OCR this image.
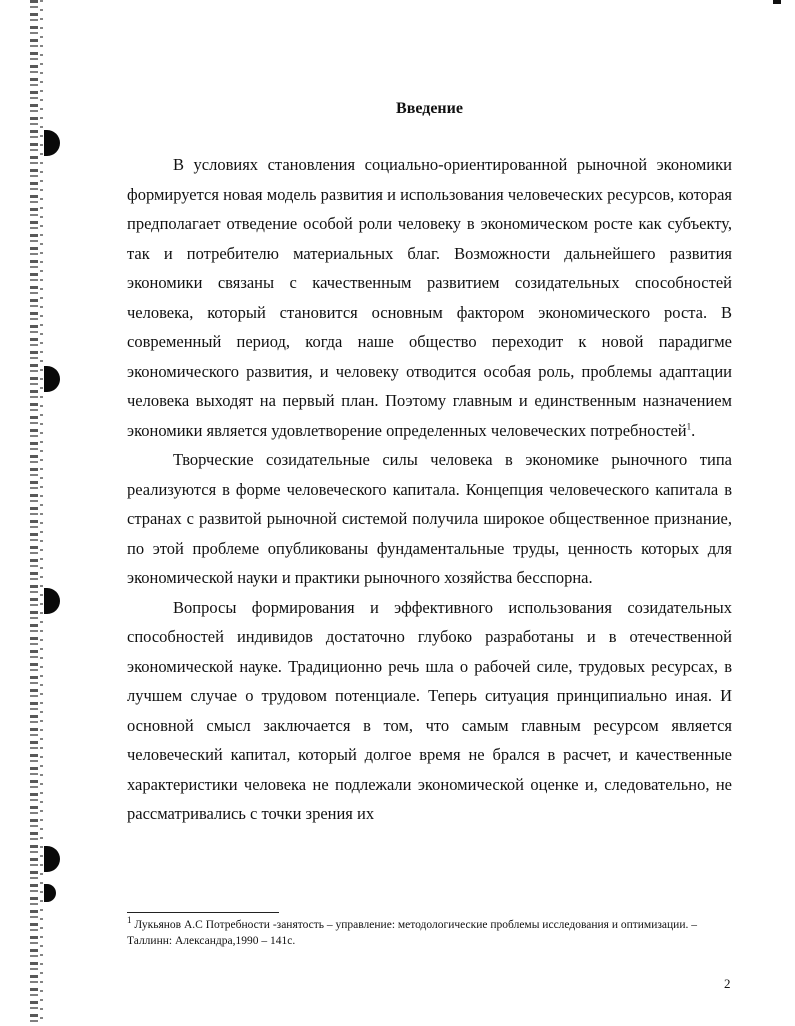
Введение

В условиях становления социально-ориентированной рыночной экономики формируется новая модель развития и использования человеческих ресурсов, которая предполагает отведение особой роли человеку в экономическом росте как субъекту, так и потребителю материальных благ. Возможности дальнейшего развития экономики связаны с качественным развитием созидательных способностей человека, который становится основным фактором экономического роста. В современный период, когда наше общество переходит к новой парадигме экономического развития, и человеку отводится особая роль, проблемы адаптации человека выходят на первый план. Поэтому главным и единственным назначением экономики является удовлетворение определенных человеческих потребностей$^1$.

Творческие созидательные силы человека в экономике рыночного типа реализуются в форме человеческого капитала. Концепция человеческого капитала в странах с развитой рыночной системой получила широкое общественное признание, по этой проблеме опубликованы фундаментальные труды, ценность которых для экономической науки и практики рыночного хозяйства бесспорна.

Вопросы формирования и эффективного использования созидательных способностей индивидов достаточно глубоко разработаны и в отечественной экономической науке. Традиционно речь шла о рабочей силе, трудовых ресурсах, в лучшем случае о трудовом потенциале. Теперь ситуация принципиально иная. И основной смысл заключается в том, что самым главным ресурсом является человеческий капитал, который долгое время не брался в расчет, и качественные характеристики человека не подлежали экономической оценке и, следовательно, не рассматривались с точки зрения их

$^1$ Лукьянов А.С Потребности -занятость – управление: методологические проблемы исследования и оптимизации. –Таллинн: Александра,1990 – 141с.
2
